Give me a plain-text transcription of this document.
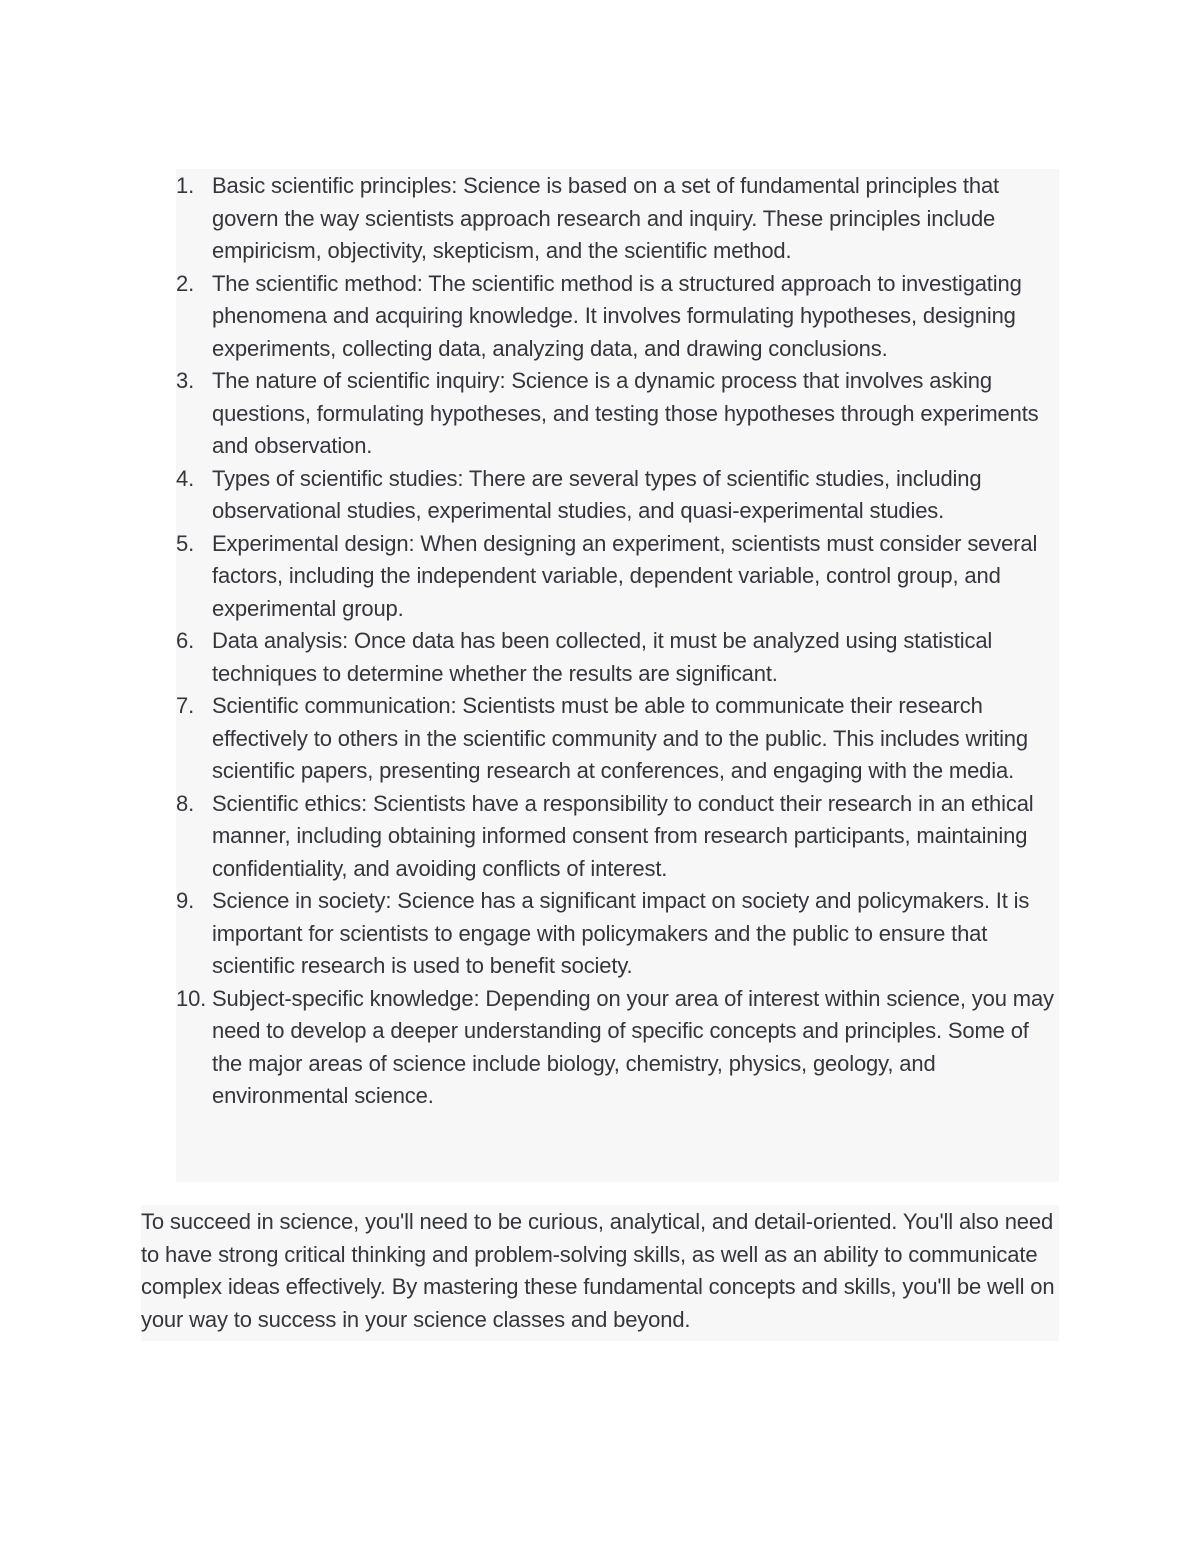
1. Basic scientific principles: Science is based on a set of fundamental principles that govern the way scientists approach research and inquiry. These principles include empiricism, objectivity, skepticism, and the scientific method.
2. The scientific method: The scientific method is a structured approach to investigating phenomena and acquiring knowledge. It involves formulating hypotheses, designing experiments, collecting data, analyzing data, and drawing conclusions.
3. The nature of scientific inquiry: Science is a dynamic process that involves asking questions, formulating hypotheses, and testing those hypotheses through experiments and observation.
4. Types of scientific studies: There are several types of scientific studies, including observational studies, experimental studies, and quasi-experimental studies.
5. Experimental design: When designing an experiment, scientists must consider several factors, including the independent variable, dependent variable, control group, and experimental group.
6. Data analysis: Once data has been collected, it must be analyzed using statistical techniques to determine whether the results are significant.
7. Scientific communication: Scientists must be able to communicate their research effectively to others in the scientific community and to the public. This includes writing scientific papers, presenting research at conferences, and engaging with the media.
8. Scientific ethics: Scientists have a responsibility to conduct their research in an ethical manner, including obtaining informed consent from research participants, maintaining confidentiality, and avoiding conflicts of interest.
9. Science in society: Science has a significant impact on society and policymakers. It is important for scientists to engage with policymakers and the public to ensure that scientific research is used to benefit society.
10. Subject-specific knowledge: Depending on your area of interest within science, you may need to develop a deeper understanding of specific concepts and principles. Some of the major areas of science include biology, chemistry, physics, geology, and environmental science.

To succeed in science, you'll need to be curious, analytical, and detail-oriented. You'll also need to have strong critical thinking and problem-solving skills, as well as an ability to communicate complex ideas effectively. By mastering these fundamental concepts and skills, you'll be well on your way to success in your science classes and beyond.
